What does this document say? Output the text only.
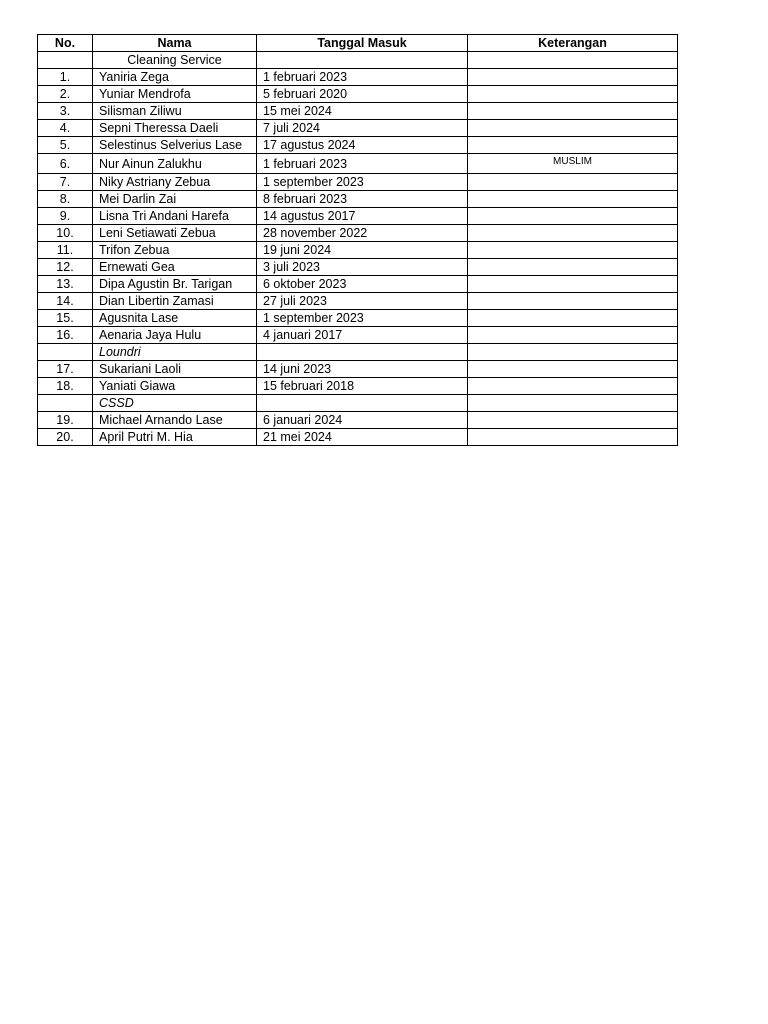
No.	Nama	Tanggal Masuk	Keterangan
	Cleaning Service		
1.	Yaniria Zega	1 februari 2023	
2.	Yuniar Mendrofa	5 februari 2020	
3.	Silisman Ziliwu	15 mei 2024	
4.	Sepni Theressa Daeli	7 juli 2024	
5.	Selestinus Selverius Lase	17 agustus 2024	
6.	Nur Ainun Zalukhu	1 februari 2023	MUSLIM
7.	Niky Astriany Zebua	1 september 2023	
8.	Mei Darlin Zai	8 februari 2023	
9.	Lisna Tri Andani Harefa	14 agustus 2017	
10.	Leni Setiawati Zebua	28 november 2022	
11.	Trifon Zebua	19 juni 2024	
12.	Ernewati Gea	3 juli 2023	
13.	Dipa Agustin Br. Tarigan	6 oktober 2023	
14.	Dian Libertin Zamasi	27 juli 2023	
15.	Agusnita Lase	1 september 2023	
16.	Aenaria Jaya Hulu	4 januari 2017	
	Loundri		
17.	Sukariani Laoli	14 juni 2023	
18.	Yaniati Giawa	15 februari 2018	
	CSSD		
19.	Michael Arnando Lase	6 januari 2024	
20.	April Putri M. Hia	21 mei 2024	
